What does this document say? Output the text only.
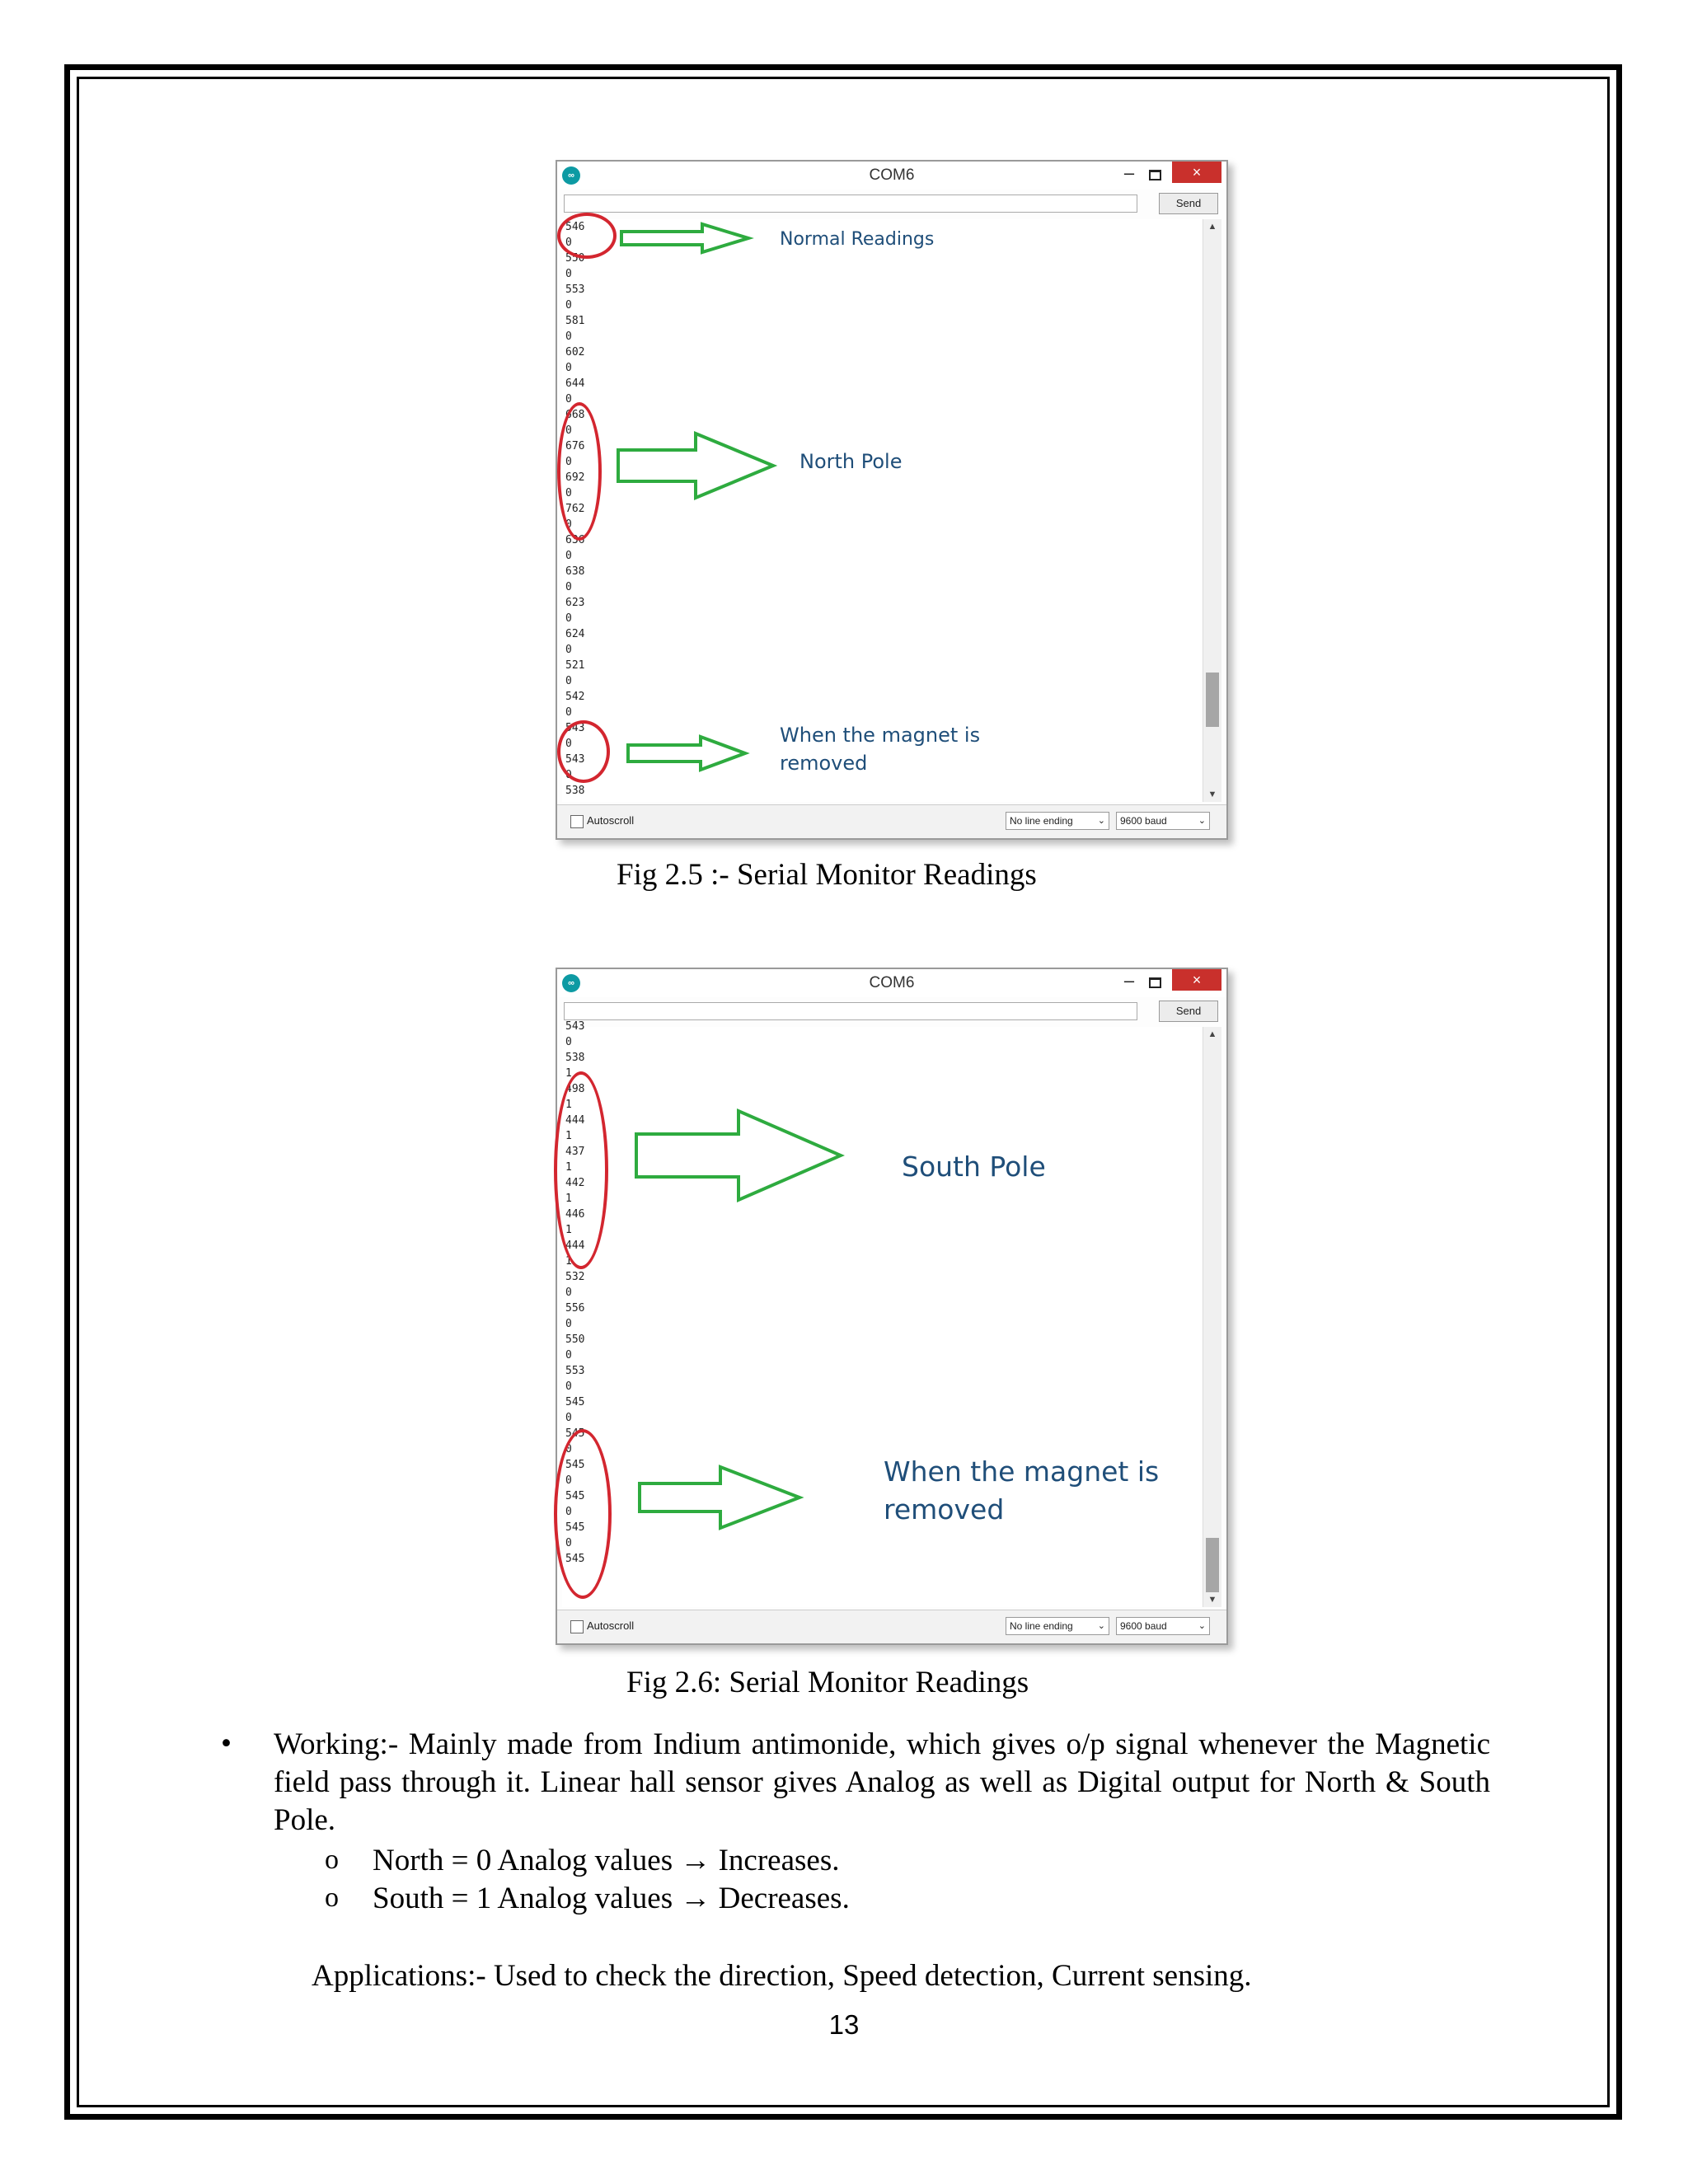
∞	COM6	–	×
Send
546
0
550
0
553
0
581
0
602
0
644
0
668
0
676
0
692
0
762
0
636
0
638
0
623
0
624
0
521
0
542
0
543
0
543
0
538
▲
▼
Autoscroll	No line ending	⌄	9600 baud	⌄
Normal Readings
North Pole
When the magnet is
removed
Fig 2.5 :- Serial Monitor Readings
∞	COM6	–	×
Send
543
0
538
1
498
1
444
1
437
1
442
1
446
1
444
1
532
0
556
0
550
0
553
0
545
0
545
0
545
0
545
0
545
0
545
▲
▼
Autoscroll	No line ending	⌄	9600 baud	⌄
South Pole
When the magnet is
removed
Fig 2.6: Serial Monitor Readings
• Working:- Mainly made from Indium antimonide, which gives o/p signal whenever the Magnetic field pass through it. Linear hall sensor gives Analog as well as Digital output for North & South Pole.
o North = 0 Analog values → Increases.
o South = 1 Analog values → Decreases.
Applications:- Used to check the direction, Speed detection, Current sensing.
13
